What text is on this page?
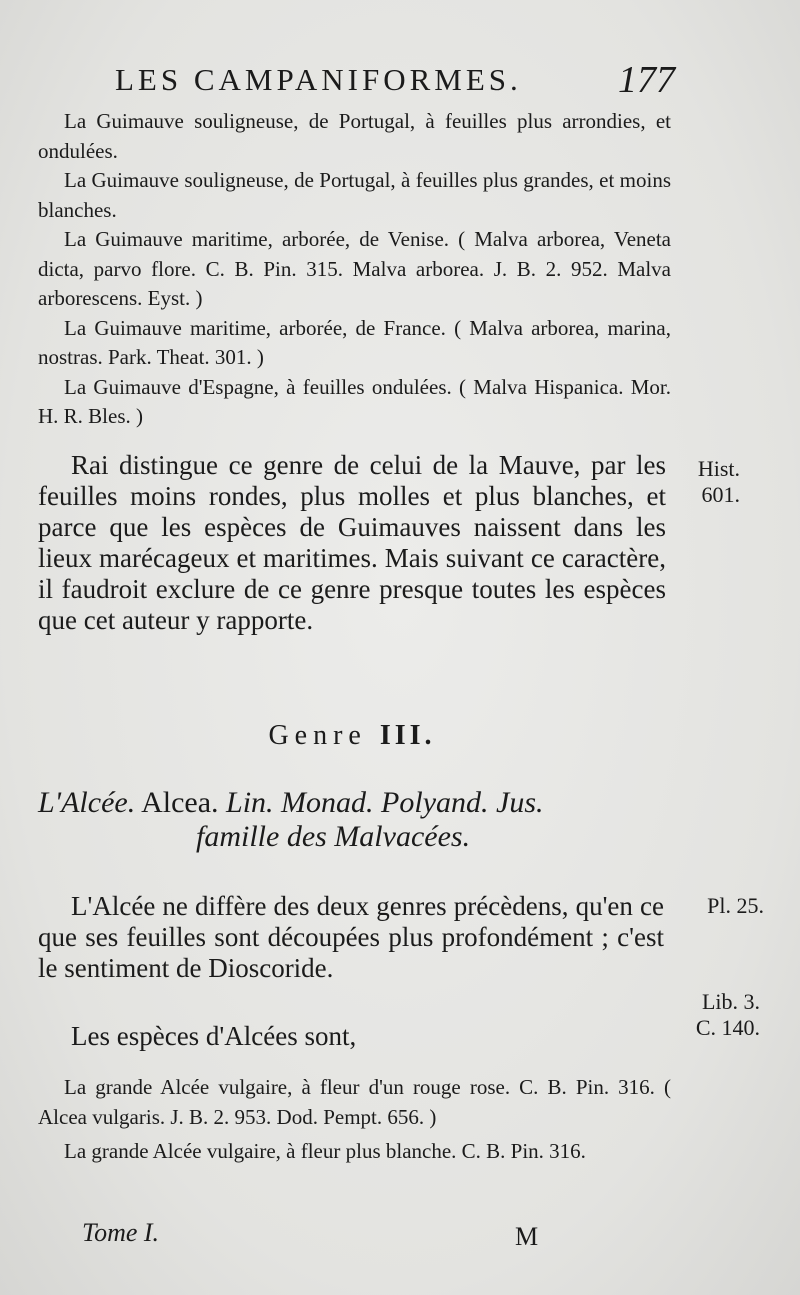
LES CAMPANIFORMES.	177

La Guimauve souligneuse, de Portugal, à feuilles plus arrondies, et ondulées.

La Guimauve souligneuse, de Portugal, à feuilles plus grandes, et moins blanches.

La Guimauve maritime, arborée, de Venise. ( Malva arborea, Veneta dicta, parvo flore. C. B. Pin. 315. Malva arborea. J. B. 2. 952. Malva arborescens. Eyst. )

La Guimauve maritime, arborée, de France. ( Malva arborea, marina, nostras. Park. Theat. 301. )

La Guimauve d'Espagne, à feuilles ondulées. ( Malva Hispanica. Mor. H. R. Bles. )

Rai distingue ce genre de celui de la Mauve, par les feuilles moins rondes, plus molles et plus blanches, et parce que les espèces de Guimauves naissent dans les lieux marécageux et maritimes. Mais suivant ce caractère, il faudroit exclure de ce genre presque toutes les espèces que cet auteur y rapporte.
Hist.
601.
Genre III.
L'Alcée. Alcea. Lin. Monad. Polyand. Jus.
famille des Malvacées.
L'Alcée ne diffère des deux genres précèdens, qu'en ce que ses feuilles sont découpées plus profondément ; c'est le sentiment de Dioscoride.
Pl. 25.
Lib. 3.
C. 140.
Les espèces d'Alcées sont,

La grande Alcée vulgaire, à fleur d'un rouge rose. C. B. Pin. 316. ( Alcea vulgaris. J. B. 2. 953. Dod. Pempt. 656. )

La grande Alcée vulgaire, à fleur plus blanche. C. B. Pin. 316.

Tome I.	M
